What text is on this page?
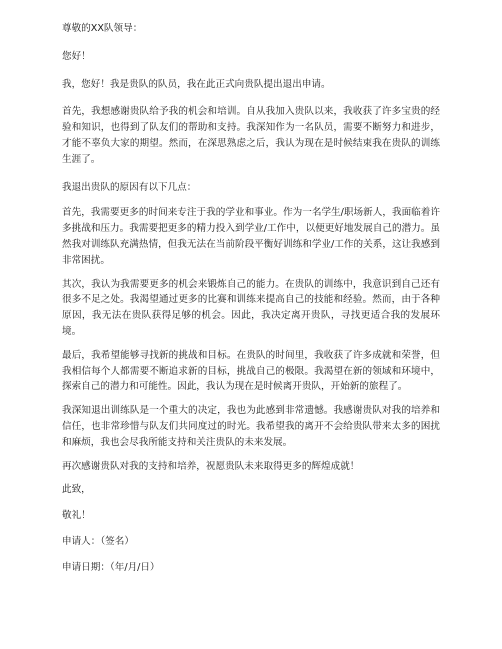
尊敬的XX队领导：

您好！

我，您好！我是贵队的队员，我在此正式向贵队提出退出申请。

首先，我想感谢贵队给予我的机会和培训。自从我加入贵队以来，我收获了许多宝贵的经验和知识，也得到了队友们的帮助和支持。我深知作为一名队员，需要不断努力和进步，才能不辜负大家的期望。然而，在深思熟虑之后，我认为现在是时候结束我在贵队的训练生涯了。

我退出贵队的原因有以下几点：

首先，我需要更多的时间来专注于我的学业和事业。作为一名学生/职场新人，我面临着许多挑战和压力。我需要把更多的精力投入到学业/工作中，以便更好地发展自己的潜力。虽然我对训练队充满热情，但我无法在当前阶段平衡好训练和学业/工作的关系，这让我感到非常困扰。

其次，我认为我需要更多的机会来锻炼自己的能力。在贵队的训练中，我意识到自己还有很多不足之处。我渴望通过更多的比赛和训练来提高自己的技能和经验。然而，由于各种原因，我无法在贵队获得足够的机会。因此，我决定离开贵队，寻找更适合我的发展环境。

最后，我希望能够寻找新的挑战和目标。在贵队的时间里，我收获了许多成就和荣誉，但我相信每个人都需要不断追求新的目标，挑战自己的极限。我渴望在新的领域和环境中，探索自己的潜力和可能性。因此，我认为现在是时候离开贵队，开始新的旅程了。

我深知退出训练队是一个重大的决定，我也为此感到非常遗憾。我感谢贵队对我的培养和信任，也非常珍惜与队友们共同度过的时光。我希望我的离开不会给贵队带来太多的困扰和麻烦，我也会尽我所能支持和关注贵队的未来发展。

再次感谢贵队对我的支持和培养，祝愿贵队未来取得更多的辉煌成就！

此致，

敬礼！

申请人：（签名）

申请日期：（年/月/日）
